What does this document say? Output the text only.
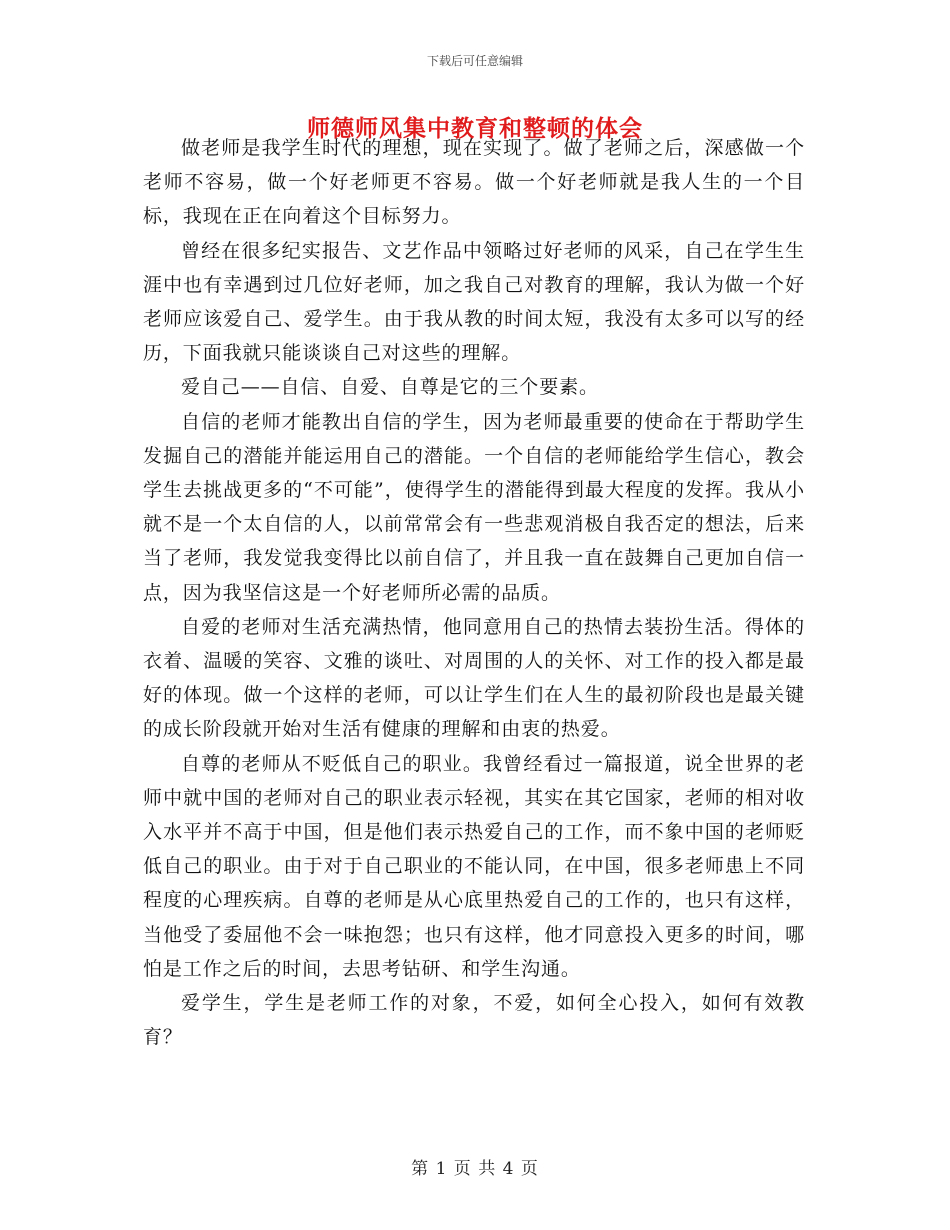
下载后可任意编辑
师德师风集中教育和整顿的体会

做老师是我学生时代的理想，现在实现了。做了老师之后，深感做一个老师不容易，做一个好老师更不容易。做一个好老师就是我人生的一个目标，我现在正在向着这个目标努力。

曾经在很多纪实报告、文艺作品中领略过好老师的风采，自己在学生生涯中也有幸遇到过几位好老师，加之我自己对教育的理解，我认为做一个好老师应该爱自己、爱学生。由于我从教的时间太短，我没有太多可以写的经历，下面我就只能谈谈自己对这些的理解。

爱自己——自信、自爱、自尊是它的三个要素。

自信的老师才能教出自信的学生，因为老师最重要的使命在于帮助学生发掘自己的潜能并能运用自己的潜能。一个自信的老师能给学生信心，教会学生去挑战更多的“不可能”，使得学生的潜能得到最大程度的发挥。我从小就不是一个太自信的人，以前常常会有一些悲观消极自我否定的想法，后来当了老师，我发觉我变得比以前自信了，并且我一直在鼓舞自己更加自信一点，因为我坚信这是一个好老师所必需的品质。

自爱的老师对生活充满热情，他同意用自己的热情去装扮生活。得体的衣着、温暖的笑容、文雅的谈吐、对周围的人的关怀、对工作的投入都是最好的体现。做一个这样的老师，可以让学生们在人生的最初阶段也是最关键的成长阶段就开始对生活有健康的理解和由衷的热爱。

自尊的老师从不贬低自己的职业。我曾经看过一篇报道，说全世界的老师中就中国的老师对自己的职业表示轻视，其实在其它国家，老师的相对收入水平并不高于中国，但是他们表示热爱自己的工作，而不象中国的老师贬低自己的职业。由于对于自己职业的不能认同，在中国，很多老师患上不同程度的心理疾病。自尊的老师是从心底里热爱自己的工作的，也只有这样，当他受了委屈他不会一味抱怨；也只有这样，他才同意投入更多的时间，哪怕是工作之后的时间，去思考钻研、和学生沟通。

爱学生，学生是老师工作的对象，不爱，如何全心投入，如何有效教育？

第 1 页 共 4 页
